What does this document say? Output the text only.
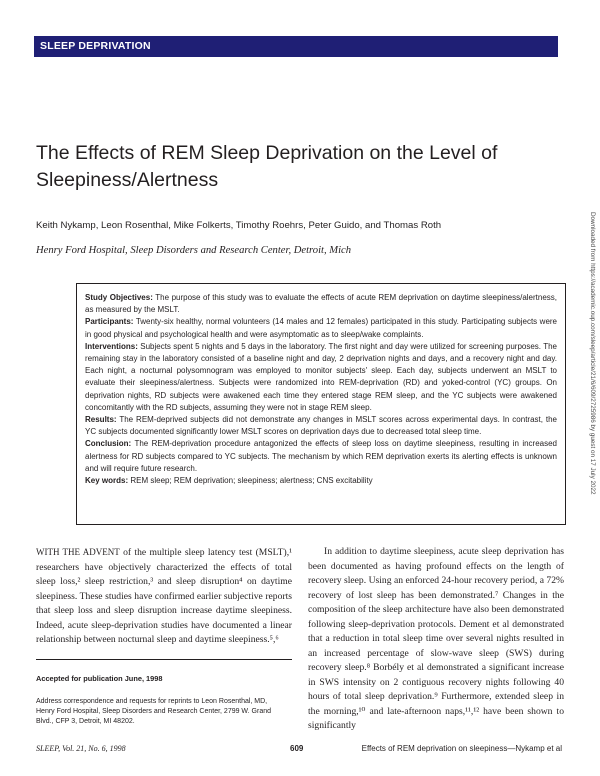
SLEEP DEPRIVATION
The Effects of REM Sleep Deprivation on the Level of Sleepiness/Alertness
Keith Nykamp, Leon Rosenthal, Mike Folkerts, Timothy Roehrs, Peter Guido, and Thomas Roth
Henry Ford Hospital, Sleep Disorders and Research Center, Detroit, Mich

Study Objectives: The purpose of this study was to evaluate the effects of acute REM deprivation on daytime sleepiness/alertness, as measured by the MSLT.

Participants: Twenty-six healthy, normal volunteers (14 males and 12 females) participated in this study. Participating subjects were in good physical and psychological health and were asymptomatic as to sleep/wake complaints.

Interventions: Subjects spent 5 nights and 5 days in the laboratory. The first night and day were utilized for screening purposes. The remaining stay in the laboratory consisted of a baseline night and day, 2 deprivation nights and days, and a recovery night and day. Each night, a nocturnal polysomnogram was employed to monitor subjects' sleep. Each day, subjects underwent an MSLT to evaluate their sleepiness/alertness. Subjects were randomized into REM-deprivation (RD) and yoked-control (YC) groups. On deprivation nights, RD subjects were awakened each time they entered stage REM sleep, and the YC subjects were awakened concomitantly with the RD subjects, assuming they were not in stage REM sleep.

Results: The REM-deprived subjects did not demonstrate any changes in MSLT scores across experimental days. In contrast, the YC subjects documented significantly lower MSLT scores on deprivation days due to decreased total sleep time.

Conclusion: The REM-deprivation procedure antagonized the effects of sleep loss on daytime sleepiness, resulting in increased alertness for RD subjects compared to YC subjects. The mechanism by which REM deprivation exerts its alerting effects is unknown and will require future research.

Key words: REM sleep; REM deprivation; sleepiness; alertness; CNS excitability

WITH THE ADVENT of the multiple sleep latency test (MSLT),¹ researchers have objectively characterized the effects of total sleep loss,² sleep restriction,³ and sleep disruption⁴ on daytime sleepiness. These studies have confirmed earlier subjective reports that sleep loss and sleep disruption increase daytime sleepiness. Indeed, acute sleep-deprivation studies have documented a linear relationship between nocturnal sleep and daytime sleepiness.⁵,⁶

In addition to daytime sleepiness, acute sleep deprivation has been documented as having profound effects on the length of recovery sleep. Using an enforced 24-hour recovery period, a 72% recovery of lost sleep has been demonstrated.⁷ Changes in the composition of the sleep architecture have also been demonstrated following sleep-deprivation protocols. Dement et al demonstrated that a reduction in total sleep time over several nights resulted in an increased percentage of slow-wave sleep (SWS) during recovery sleep.⁸ Borbély et al demonstrated a significant increase in SWS intensity on 2 contiguous recovery nights following 40 hours of total sleep deprivation.⁹ Furthermore, extended sleep in the morning,¹⁰ and late-afternoon naps,¹¹,¹² have been shown to significantly

Accepted for publication June, 1998
Address correspondence and requests for reprints to Leon Rosenthal, MD, Henry Ford Hospital, Sleep Disorders and Research Center, 2799 W. Grand Blvd., CFP 3, Detroit, MI 48202.
SLEEP, Vol. 21, No. 6, 1998	609	Effects of REM deprivation on sleepiness—Nykamp et al
Downloaded from https://academic.oup.com/sleep/article/21/6/609/2725986 by guest on 17 July 2022
